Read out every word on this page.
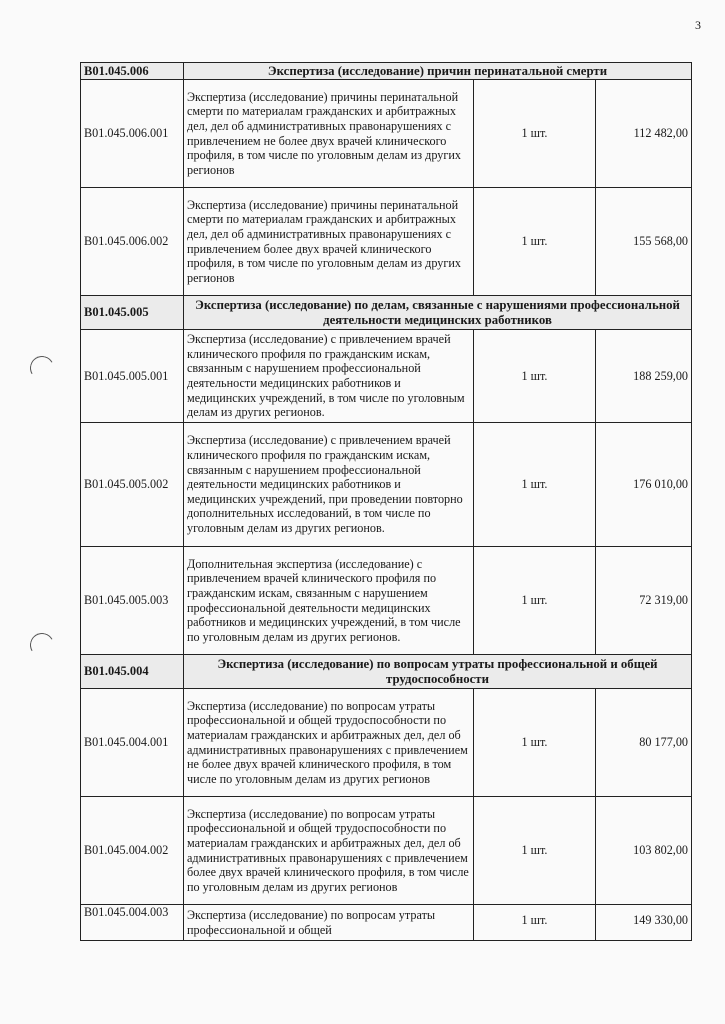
3
B01.045.006	Экспертиза (исследование) причин перинатальной смерти		
B01.045.006.001	Экспертиза (исследование) причины перинатальной смерти по материалам гражданских и арбитражных дел, дел об административных правонарушениях с привлечением не более двух врачей клинического профиля, в том числе по уголовным делам из других регионов	1 шт.	112 482,00
B01.045.006.002	Экспертиза (исследование) причины перинатальной смерти по материалам гражданских и арбитражных дел, дел об административных правонарушениях с привлечением более двух врачей клинического профиля, в том числе по уголовным делам из других регионов	1 шт.	155 568,00
B01.045.005	Экспертиза (исследование) по делам, связанные с нарушениями профессиональной деятельности медицинских работников		
B01.045.005.001	Экспертиза (исследование) с привлечением врачей клинического профиля по гражданским искам, связанным с нарушением профессиональной деятельности медицинских работников и медицинских учреждений, в том числе по уголовным делам из других регионов.	1 шт.	188 259,00
B01.045.005.002	Экспертиза (исследование) с привлечением врачей клинического профиля по гражданским искам, связанным с нарушением профессиональной деятельности медицинских работников и медицинских учреждений, при проведении повторно дополнительных исследований, в том числе по уголовным делам из других регионов.	1 шт.	176 010,00
B01.045.005.003	Дополнительная экспертиза (исследование) с привлечением врачей клинического профиля по гражданским искам, связанным с нарушением профессиональной деятельности медицинских работников и медицинских учреждений, в том числе по уголовным делам из других регионов.	1 шт.	72 319,00
B01.045.004	Экспертиза (исследование) по вопросам утраты профессиональной и общей трудоспособности		
B01.045.004.001	Экспертиза (исследование) по вопросам утраты профессиональной и общей трудоспособности по материалам гражданских и арбитражных дел, дел об административных правонарушениях с привлечением не более двух врачей клинического профиля, в том числе по уголовным делам из других регионов	1 шт.	80 177,00
B01.045.004.002	Экспертиза (исследование) по вопросам утраты профессиональной и общей трудоспособности по материалам гражданских и арбитражных дел, дел об административных правонарушениях с привлечением более двух врачей клинического профиля, в том числе по уголовным делам из других регионов	1 шт.	103 802,00
B01.045.004.003	Экспертиза (исследование) по вопросам утраты профессиональной и общей	1 шт.	149 330,00
